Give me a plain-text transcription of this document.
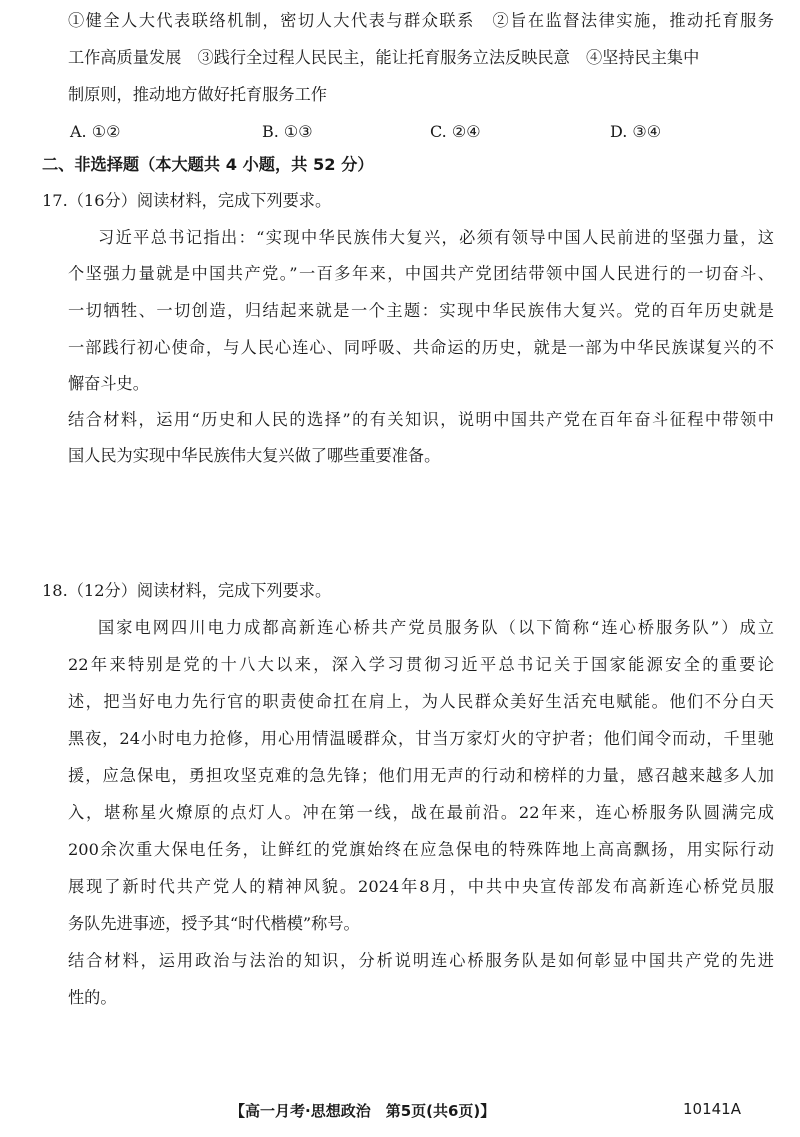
①健全人大代表联络机制，密切人大代表与群众联系　②旨在监督法律实施，推动托育服务
工作高质量发展　③践行全过程人民民主，能让托育服务立法反映民意　④坚持民主集中
制原则，推动地方做好托育服务工作
A. ①②	B. ①③	C. ②④	D. ③④
二、非选择题（本大题共 4 小题，共 52 分）
17.（16分）阅读材料，完成下列要求。
习近平总书记指出：“实现中华民族伟大复兴，必须有领导中国人民前进的坚强力量，这
个坚强力量就是中国共产党。”一百多年来，中国共产党团结带领中国人民进行的一切奋斗、
一切牺牲、一切创造，归结起来就是一个主题：实现中华民族伟大复兴。党的百年历史就是
一部践行初心使命，与人民心连心、同呼吸、共命运的历史，就是一部为中华民族谋复兴的不
懈奋斗史。
结合材料，运用“历史和人民的选择”的有关知识，说明中国共产党在百年奋斗征程中带领中
国人民为实现中华民族伟大复兴做了哪些重要准备。
18.（12分）阅读材料，完成下列要求。
国家电网四川电力成都高新连心桥共产党员服务队（以下简称“连心桥服务队”）成立
22年来特别是党的十八大以来，深入学习贯彻习近平总书记关于国家能源安全的重要论
述，把当好电力先行官的职责使命扛在肩上，为人民群众美好生活充电赋能。他们不分白天
黑夜，24小时电力抢修，用心用情温暖群众，甘当万家灯火的守护者；他们闻令而动，千里驰
援，应急保电，勇担攻坚克难的急先锋；他们用无声的行动和榜样的力量，感召越来越多人加
入，堪称星火燎原的点灯人。冲在第一线，战在最前沿。22年来，连心桥服务队圆满完成
200余次重大保电任务，让鲜红的党旗始终在应急保电的特殊阵地上高高飘扬，用实际行动
展现了新时代共产党人的精神风貌。2024年8月，中共中央宣传部发布高新连心桥党员服
务队先进事迹，授予其“时代楷模”称号。
结合材料，运用政治与法治的知识，分析说明连心桥服务队是如何彰显中国共产党的先进
性的。
【高一月考·思想政治　第5页(共6页)】	10141A
